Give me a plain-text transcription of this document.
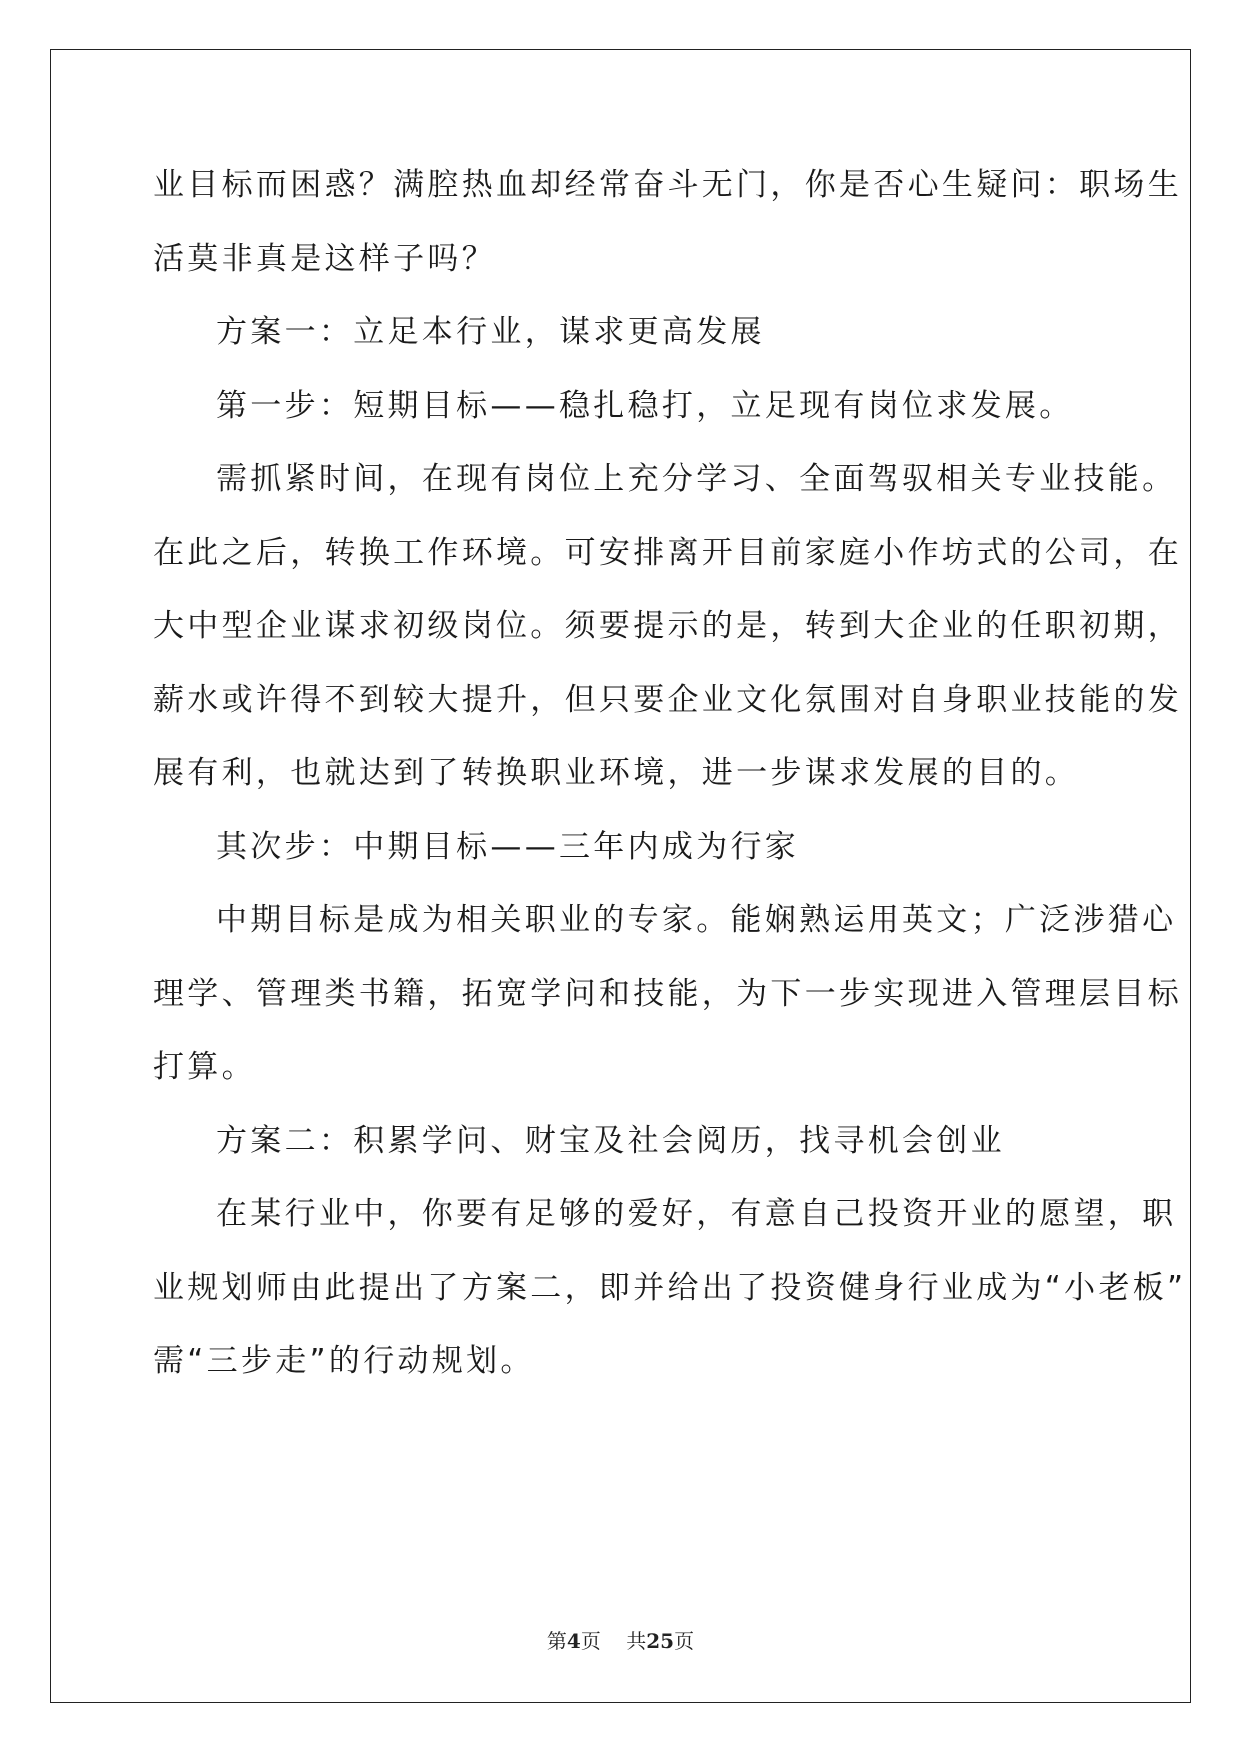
业目标而困惑？满腔热血却经常奋斗无门，你是否心生疑问：职场生
活莫非真是这样子吗？
方案一：立足本行业，谋求更高发展
第一步：短期目标——稳扎稳打，立足现有岗位求发展。
需抓紧时间，在现有岗位上充分学习、全面驾驭相关专业技能。
在此之后，转换工作环境。可安排离开目前家庭小作坊式的公司，在
大中型企业谋求初级岗位。须要提示的是，转到大企业的任职初期，
薪水或许得不到较大提升，但只要企业文化氛围对自身职业技能的发
展有利，也就达到了转换职业环境，进一步谋求发展的目的。
其次步：中期目标——三年内成为行家
中期目标是成为相关职业的专家。能娴熟运用英文；广泛涉猎心
理学、管理类书籍，拓宽学问和技能，为下一步实现进入管理层目标
打算。
方案二：积累学问、财宝及社会阅历，找寻机会创业
在某行业中，你要有足够的爱好，有意自己投资开业的愿望，职
业规划师由此提出了方案二，即并给出了投资健身行业成为“小老板”
需“三步走”的行动规划。
第4页 共25页
